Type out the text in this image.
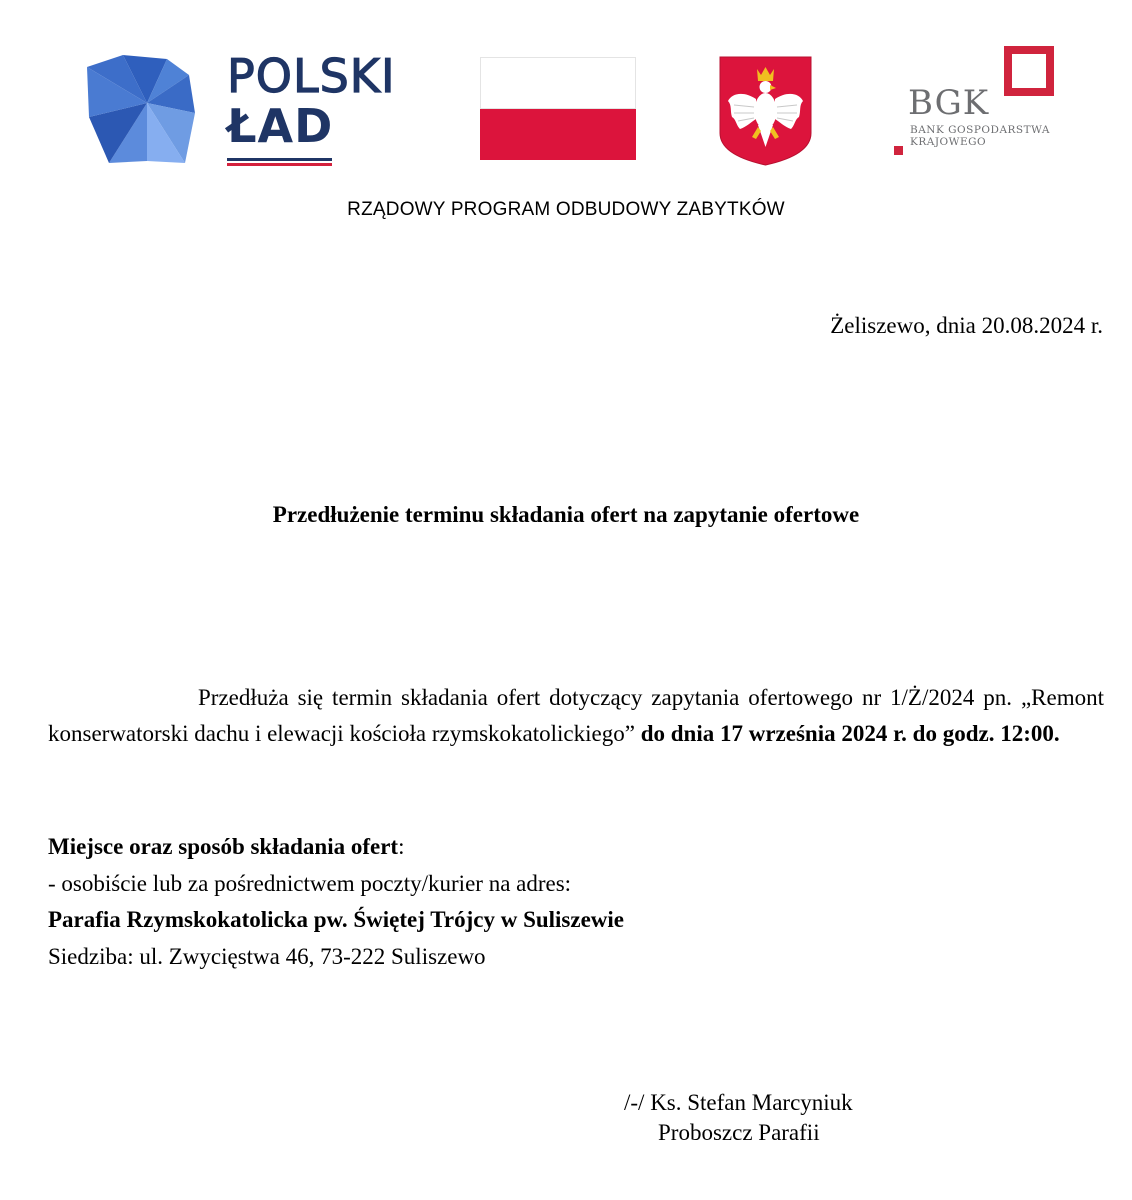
POLSKI
ŁAD	BGK
BANK GOSPODARSTWA
KRAJOWEGO
RZĄDOWY PROGRAM ODBUDOWY ZABYTKÓW
Żeliszewo, dnia 20.08.2024 r.
Przedłużenie terminu składania ofert na zapytanie ofertowe

Przedłuża się termin składania ofert dotyczący zapytania ofertowego nr 1/Ż/2024 pn. „Remont konserwatorski dachu i elewacji kościoła rzymskokatolickiego” do dnia 17 września 2024 r. do godz. 12:00.

Miejsce oraz sposób składania ofert:
- osobiście lub za pośrednictwem poczty/kurier na adres:
Parafia Rzymskokatolicka pw. Świętej Trójcy w Suliszewie
Siedziba: ul. Zwycięstwa 46, 73-222 Suliszewo
/-/ Ks. Stefan Marcyniuk
Proboszcz Parafii
